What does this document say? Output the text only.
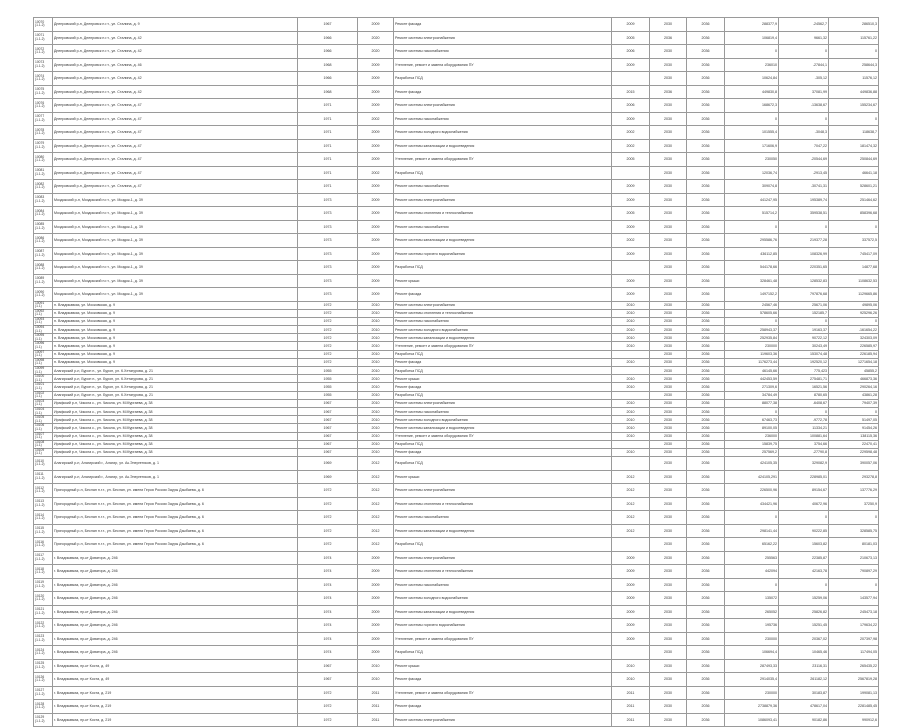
10070 (1.1.2)	Днепровский р-н, Днепровск п.г.т., ул. Сталина, д. 9	1967	2009	Ремонт фасада	2009	2030	2036	288377,9	-24562,7	286510,3
10071 (1.1.2)	Днепровский р-н, Днепровск п.г.т., ул. Сталина, д. 42	1966	2020	Ремонт системы электроснабжения	2005	2036	2036	106819,4	9661,32	115761,22
10072 (1.1.2)	Днепровский р-н, Днепровск п.г.т., ул. Сталина, д. 42	1966	2020	Ремонт системы газоснабжения	2006	2030	2036	0	0	0
10073 (1.1.2)	Днепровский р-н, Днепровск п.г.т., ул. Сталина, д. 46	1968	2009	Утепление, ремонт и замена оборудования ПУ	2009	2030	2036	236010	-27844,1	258644,3
10074 (1.1.2)	Днепровский р-н, Днепровск п.г.т., ул. Сталина, д. 42	1966	2009	Разработка ПСД		2030	2036	10624,84	-305,12	11576,12
10075 (1.1.2)	Днепровский р-н, Днепровск п.г.т., ул. Сталина, д. 42	1968	2009	Ремонт фасада	2015	2036	2036	449830,8	37081,99	449836,88
10076 (1.1.2)	Днепровский р-н, Днепровск п.г.т., ул. Сталина, д. 47	1971	2009	Ремонт системы электроснабжения	2006	2030	2036	168672,3	-13638,67	155234,67
10077 (1.1.2)	Днепровский р-н, Днепровск п.г.т., ул. Сталина, д. 47	1971	2002	Ремонт системы газоснабжения	2009	2030	2036	0	0	0
10078 (1.1.2)	Днепровский р-н, Днепровск п.г.т., ул. Сталина, д. 47	1971	2009	Ремонт системы холодного водоснабжения	2002	2030	2036	101555,4	-3048,3	118638,7
10079 (1.1.2)	Днепровский р-н, Днепровск п.г.т., ул. Сталина, д. 47	1971	2009	Ремонт системы канализации и водоотведения	2002	2030	2036	171606,9	7047,22	181474,32
10080 (1.1.2)	Днепровский р-н, Днепровск п.г.т., ул. Сталина, д. 47	1971	2009	Утепление, ремонт и замена оборудования ПУ	2005	2030	2036	230050	-20544,69	250844,69
10081 (1.1.2)	Днепровский р-н, Днепровск п.г.т., ул. Сталина, д. 47	1971	2002	Разработка ПСД		2030	2036	12036,74	-2913,45	46641,18
10082 (1.1.2)	Днепровский р-н, Днепровск п.г.т., ул. Сталина, д. 47	1971	2009	Ремонт системы газоснабжения	2009	2030	2036	309074,8	-30741,31	528601,21
10083 (1.1.2)	Моздокский р-н, Моздокский п.г.т., ул. Моздок-1, д. 39	1973	2009	Ремонт системы электроснабжения	2009	2030	2036	441247,95	195389,74	251464,62
10084 (1.1.2)	Моздокский р-н, Моздокский п.г.т., ул. Моздок-1, д. 39	1973	2009	Ремонт системы отопления и теплоснабжения	2005	2030	2036	515714,2	359538,51	858396,68
10085 (1.1.2)	Моздокский р-н, Моздокский п.г.т., ул. Моздок-1, д. 39	1973	2009	Ремонт системы газоснабжения	2009	2030	2036	0	0	0
10086 (1.1.2)	Моздокский р-н, Моздокский п.г.т., ул. Моздок-1, д. 39	1973	2009	Ремонт системы канализации и водоотведения	2002	2030	2036	295586,76	219377,28	337572,5
10087 (1.1.2)	Моздокский р-н, Моздокский п.г.т., ул. Моздок-1, д. 39	1973	2009	Ремонт системы горячего водоснабжения	2009	2030	2036	436112,85	108326,99	745417,09
10088 (1.1.2)	Моздокский р-н, Моздокский п.г.т., ул. Моздок-1, д. 39	1973	2009	Разработка ПСД		2030	2036	544178,66	220351,65	14877,68
10089 (1.1.2)	Моздокский р-н, Моздокский п.г.т., ул. Моздок-1, д. 39	1973	2009	Ремонт крыши	2009	2030	2036	328461,48	128532,83	1108632,53
10090 (1.1.2)	Моздокский р-н, Моздокский п.г.т., ул. Моздок-1, д. 39	1973	2009	Ремонт фасада	2009	2030	2036	1497152,2	797876,68	1129665,86
10091 (1.1)	п. Владикавказ, ул. Московская, д. 9	1972	2010	Ремонт системы электроснабжения	2010	2030	2036	24567,46	25671,06	49895,06
10092 (1.1)	п. Владикавказ, ул. Московская, д. 9	1972	2010	Ремонт системы отопления и теплоснабжения	2010	2030	2036	578605,66	152185,7	925296,26
10093 (1.1)	п. Владикавказ, ул. Московская, д. 9	1972	2010	Ремонт системы газоснабжения	2010	2030	2036	0	0	0
10094 (1.1)	п. Владикавказ, ул. Московская, д. 9	1972	2010	Ремонт системы холодного водоснабжения	2010	2030	2036	258943,37	19163,37	-161654,22
10095 (1.1)	п. Владикавказ, ул. Московская, д. 9	1972	2010	Ремонт системы канализации и водоотведения	2010	2030	2036	252935,84	90722,12	324303,09
10096 (1.1)	п. Владикавказ, ул. Московская, д. 9	1972	2010	Утепление, ремонт и замена оборудования ПУ	2010	2030	2036	230000	30243,49	226585,97
10097 (1.1)	п. Владикавказ, ул. Московская, д. 9	1972	2010	Разработка ПСД		2030	2036	119603,36	153074,48	226185,94
10098 (1.1)	п. Владикавказ, ул. Московская, д. 9	1972	2010	Ремонт фасада	2010	2030	2036	1176273,44	192520,12	1271654,18
10099 (1.1)	Алагирский р-н, Бурон п., ул. Бурон, ул. К.Хетагурова, д. 21	1955	2010	Разработка ПСД		2030	2036	46145,66	775,423	45855,2
10100 (1.1)	Алагирский р-н, Бурон п., ул. Бурон, ул. К.Хетагурова, д. 21	1955	2010	Ремонт крыши	2010	2030	2036	442453,59	275481,71	466873,36
10101 (1.1)	Алагирский р-н, Бурон п., ул. Бурон, ул. К.Хетагурова, д. 21	1955	2010	Ремонт фасада	2010	2030	2036	271309,6	16521,56	290264,16
10102 (1.1)	Алагирский р-н, Бурон п., ул. Бурон, ул. К.Хетагурова, д. 21	1955	2010	Разработка ПСД		2030	2036	34784,49	8780,65	43861,28
10103 (1.1)	Ирафский р-н, Чикола с., ул. Чикола, ул. М.Мургаева, д. 38	1967	2010	Ремонт системы электроснабжения	2010	2030	2036	88077,38	-6408,67	79407,39
10104 (1.1)	Ирафский р-н, Чикола с., ул. Чикола, ул. М.Мургаева, д. 38	1967	2010	Ремонт системы газоснабжения	2010	2030	2036	0	0	0
10105 (1.1)	Ирафский р-н, Чикола с., ул. Чикола, ул. М.Мургаева, д. 38	1967	2010	Ремонт системы холодного водоснабжения	2010	2030	2036	67463,73	-9772,78	51497,05
10106 (1.1)	Ирафский р-н, Чикола с., ул. Чикола, ул. М.Мургаева, д. 38	1967	2010	Ремонт системы канализации и водоотведения	2010	2030	2036	89100,05	11334,21	91454,26
10107 (1.1)	Ирафский р-н, Чикола с., ул. Чикола, ул. М.Мургаева, д. 38	1967	2010	Утепление, ремонт и замена оборудования ПУ	2010	2030	2036	236000	100881,64	138115,36
10108 (1.1)	Ирафский р-н, Чикола с., ул. Чикола, ул. М.Мургаева, д. 38	1967	2010	Разработка ПСД		2030	2036	15839,75	3754,66	22470,41
10109 (1.1)	Ирафский р-н, Чикола с., ул. Чикола, ул. М.Мургаева, д. 38	1967	2010	Ремонт фасада	2010	2030	2036	257569,2	-27790,8	229598,48
10110 (1.1.2)	Алагирский р-н, Алагирский г., Алагир, ул. Ак.Энергетиков, д. 1	1969	2012	Разработка ПСД		2030	2036	424105,35	329082,9	390057,06
10111 (1.1.2)	Алагирский р-н, Алагирский г., Алагир, ул. Ак.Энергетиков, д. 1	1969	2012	Ремонт крыши	2012	2030	2036	424105,291	228985,01	293278,8
10112 (1.1.2)	Пригородный р-н, Беслан п.г.т., ул. Беслан, ул. имени Героя России Зауры Дзыбаева, д. 6	1972	2012	Ремонт системы электроснабжения	2012	2030	2036	226500,96	89154,67	137776,29
10113 (1.1.2)	Пригородный р-н, Беслан п.г.т., ул. Беслан, ул. имени Героя России Зауры Дзыбаева, д. 6	1972	2012	Ремонт системы отопления и теплоснабжения	2012	2030	2036	434421,96	40672,96	37250,9
10114 (1.1.2)	Пригородный р-н, Беслан п.г.т., ул. Беслан, ул. имени Героя России Зауры Дзыбаева, д. 6	1972	2012	Ремонт системы газоснабжения	2012	2030	2036	0	0	0
10115 (1.1.2)	Пригородный р-н, Беслан п.г.т., ул. Беслан, ул. имени Героя России Зауры Дзыбаева, д. 6	1972	2012	Ремонт системы канализации и водоотведения	2012	2030	2036	298141,44	90222,85	328585,75
10116 (1.1.2)	Пригородный р-н, Беслан п.г.т., ул. Беслан, ул. имени Героя России Зауры Дзыбаева, д. 6	1972	2012	Разработка ПСД		2030	2036	65162,22	15603,82	80181,03
10117 (1.1.2)	г. Владикавказ, пр-кт Доватора, д. 246	1974	2009	Ремонт системы электроснабжения	2009	2030	2036	255563	22385,87	210673,13
10118 (1.1.2)	г. Владикавказ, пр-кт Доватора, д. 246	1974	2009	Ремонт системы отопления и теплоснабжения	2009	2030	2036	442094	42163,78	790897,29
10119 (1.1.2)	г. Владикавказ, пр-кт Доватора, д. 246	1974	2009	Ремонт системы газоснабжения	2009	2030	2036	0	0	0
10120 (1.1.2)	г. Владикавказ, пр-кт Доватора, д. 246	1974	2009	Ремонт системы холодного водоснабжения	2009	2030	2036	135072	15259,06	143577,94
10121 (1.1.2)	г. Владикавказ, пр-кт Доватора, д. 246	1974	2009	Ремонт системы канализации и водоотведения	2009	2030	2036	265052	25826,82	245473,18
10122 (1.1.2)	г. Владикавказ, пр-кт Доватора, д. 246	1974	2009	Ремонт системы горячего водоснабжения	2009	2030	2036	195736	15251,45	179634,22
10123 (1.1.2)	г. Владикавказ, пр-кт Доватора, д. 246	1974	2009	Утепление, ремонт и замена оборудования ПУ	2009	2030	2036	230000	20367,02	207397,98
10124 (1.1.2)	г. Владикавказ, пр-кт Доватора, д. 246	1974	2009	Разработка ПСД		2030	2036	106694,4	10465,46	117494,05
10125 (1.1.2)	г. Владикавказ, пр-кт Коста, д. 49	1967	2010	Ремонт крыши	2010	2030	2036	287493,33	23116,31	265435,22
10126 (1.1.2)	г. Владикавказ, пр-кт Коста, д. 49	1967	2010	Ремонт фасада	2010	2030	2036	2914035,4	261182,12	2567819,28
10127 (1.1.2)	г. Владикавказ, пр-кт Коста, д. 219	1972	2011	Утепление, ремонт и замена оборудования ПУ	2011	2030	2036	230000	30183,87	199081,13
10128 (1.1.2)	г. Владикавказ, пр-кт Коста, д. 219	1972	2011	Ремонт фасада	2011	2030	2036	2738879,36	478617,04	2281485,45
10129 (1.1.2)	г. Владикавказ, пр-кт Коста, д. 219	1972	2011	Ремонт системы электроснабжения	2011	2030	2036	1086093,41	90182,86	990912,6
